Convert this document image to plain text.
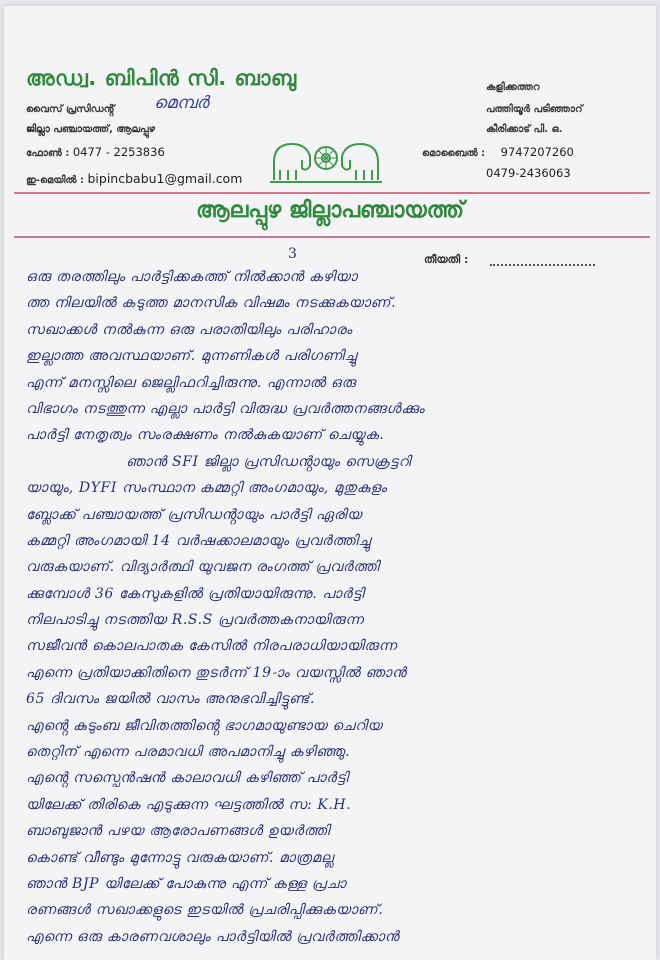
അഡ്വ. ബിപിൻ സി. ബാബു
വൈസ് പ്രസിഡൻ്റ് മെമ്പർ
ജില്ലാ പഞ്ചായത്ത്, ആലപ്പുഴ
ഫോൺ : 0477 - 2253836
ഇ-മെയിൽ : bipincbabu1@gmail.com
കളിക്കത്തറ
പത്തിയൂർ പടിഞ്ഞാറ്
കീരിക്കാട് പി. ഒ.
മൊബൈൽ : 9747207260
0479-2436063
ആലപ്പുഴ ജില്ലാപഞ്ചായത്ത്
3	തീയതി :
ഒരു തരത്തിലും പാർട്ടിക്കകത്ത് നിൽക്കാൻ കഴിയാ
ത്ത നിലയിൽ കടുത്ത മാനസിക വിഷമം നടക്കുകയാണ്.
സഖാക്കൾ നൽകുന്ന ഒരു പരാതിയിലും പരിഹാരം
ഇല്ലാത്ത അവസ്ഥയാണ്. മുന്നണികൾ പരിഗണിച്ചു
എന്ന് മനസ്സിലെ ജെല്ലിഫറിച്ചിരുന്നു. എന്നാൽ ഒരു
വിഭാഗം നടത്തുന്ന എല്ലാ പാർട്ടി വിരുദ്ധ പ്രവർത്തനങ്ങൾക്കും
പാർട്ടി നേതൃത്വം സംരക്ഷണം നൽകുകയാണ് ചെയ്യുക.
ഞാൻ SFI ജില്ലാ പ്രസിഡൻ്റായും സെക്രട്ടറി
യായും, DYFI സംസ്ഥാന കമ്മറ്റി അംഗമായും, മുതുകുളം
ബ്ലോക്ക് പഞ്ചായത്ത് പ്രസിഡൻ്റായും പാർട്ടി ഏരിയ
കമ്മറ്റി അംഗമായി 14 വർഷക്കാലമായും പ്രവർത്തിച്ചു
വരുകയാണ്. വിദ്യാർത്ഥി യുവജന രംഗത്ത് പ്രവർത്തി
ക്കുമ്പോൾ 36 കേസുകളിൽ പ്രതിയായിരുന്നു. പാർട്ടി
നിലപാടിച്ചു നടത്തിയ R.S.S പ്രവർത്തകനായിരുന്ന
സജീവൻ കൊലപാതക കേസിൽ നിരപരാധിയായിരുന്ന
എന്നെ പ്രതിയാക്കിതിനെ തുടർന്ന് 19-ാം വയസ്സിൽ ഞാൻ
65 ദിവസം ജയിൽ വാസം അനുഭവിച്ചിട്ടുണ്ട്.
എൻ്റെ കുടുംബ ജീവിതത്തിൻ്റെ ഭാഗമായുണ്ടായ ചെറിയ
തെറ്റിന് എന്നെ പരമാവധി അപമാനിച്ചു കഴിഞ്ഞു.
എൻ്റെ സസ്പെൻഷൻ കാലാവധി കഴിഞ്ഞ് പാർട്ടി
യിലേക്ക് തിരികെ എടുക്കുന്ന ഘട്ടത്തിൽ സ: K.H.
ബാബുജാൻ പഴയ ആരോപണങ്ങൾ ഉയർത്തി
കൊണ്ട് വീണ്ടും മുന്നോട്ടു വരുകയാണ്. മാത്രമല്ല
ഞാൻ BJP യിലേക്ക് പോകുന്നു എന്ന് കള്ള പ്രചാ
രണങ്ങൾ സഖാക്കളുടെ ഇടയിൽ പ്രചരിപ്പിക്കുകയാണ്.
എന്നെ ഒരു കാരണവശാലും പാർട്ടിയിൽ പ്രവർത്തിക്കാൻ
